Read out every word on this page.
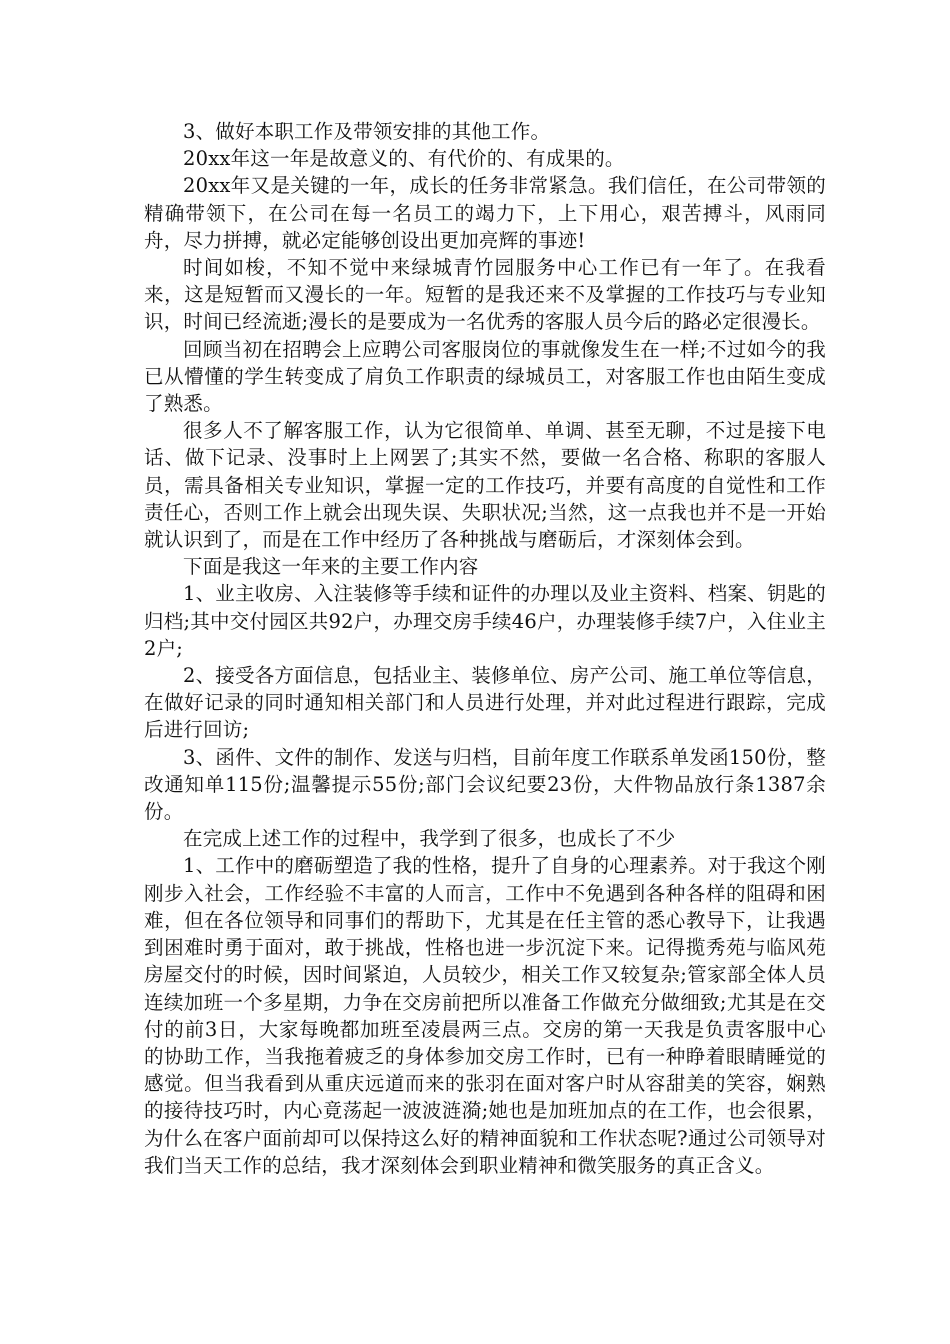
3、做好本职工作及带领安排的其他工作。

20xx年这一年是故意义的、有代价的、有成果的。

20xx年又是关键的一年，成长的任务非常紧急。我们信任，在公司带领的精确带领下，在公司在每一名员工的竭力下，上下用心，艰苦搏斗，风雨同舟，尽力拼搏，就必定能够创设出更加亮辉的事迹!

时间如梭，不知不觉中来绿城青竹园服务中心工作已有一年了。在我看来，这是短暂而又漫长的一年。短暂的是我还来不及掌握的工作技巧与专业知识，时间已经流逝;漫长的是要成为一名优秀的客服人员今后的路必定很漫长。

回顾当初在招聘会上应聘公司客服岗位的事就像发生在一样;不过如今的我已从懵懂的学生转变成了肩负工作职责的绿城员工，对客服工作也由陌生变成了熟悉。

很多人不了解客服工作，认为它很简单、单调、甚至无聊，不过是接下电话、做下记录、没事时上上网罢了;其实不然，要做一名合格、称职的客服人员，需具备相关专业知识，掌握一定的工作技巧，并要有高度的自觉性和工作责任心，否则工作上就会出现失误、失职状况;当然，这一点我也并不是一开始就认识到了，而是在工作中经历了各种挑战与磨砺后，才深刻体会到。

下面是我这一年来的主要工作内容

1、业主收房、入注装修等手续和证件的办理以及业主资料、档案、钥匙的归档;其中交付园区共92户，办理交房手续46户，办理装修手续7户，入住业主2户;

2、接受各方面信息，包括业主、装修单位、房产公司、施工单位等信息，在做好记录的同时通知相关部门和人员进行处理，并对此过程进行跟踪，完成后进行回访;

3、函件、文件的制作、发送与归档，目前年度工作联系单发函150份，整改通知单115份;温馨提示55份;部门会议纪要23份，大件物品放行条1387余份。

在完成上述工作的过程中，我学到了很多，也成长了不少

1、工作中的磨砺塑造了我的性格，提升了自身的心理素养。对于我这个刚刚步入社会，工作经验不丰富的人而言，工作中不免遇到各种各样的阻碍和困难，但在各位领导和同事们的帮助下，尤其是在任主管的悉心教导下，让我遇到困难时勇于面对，敢于挑战，性格也进一步沉淀下来。记得揽秀苑与临风苑房屋交付的时候，因时间紧迫，人员较少，相关工作又较复杂;管家部全体人员连续加班一个多星期，力争在交房前把所以准备工作做充分做细致;尤其是在交付的前3日，大家每晚都加班至凌晨两三点。交房的第一天我是负责客服中心的协助工作，当我拖着疲乏的身体参加交房工作时，已有一种睁着眼睛睡觉的感觉。但当我看到从重庆远道而来的张羽在面对客户时从容甜美的笑容，娴熟的接待技巧时，内心竟荡起一波波涟漪;她也是加班加点的在工作，也会很累，为什么在客户面前却可以保持这么好的精神面貌和工作状态呢?通过公司领导对我们当天工作的总结，我才深刻体会到职业精神和微笑服务的真正含义。
